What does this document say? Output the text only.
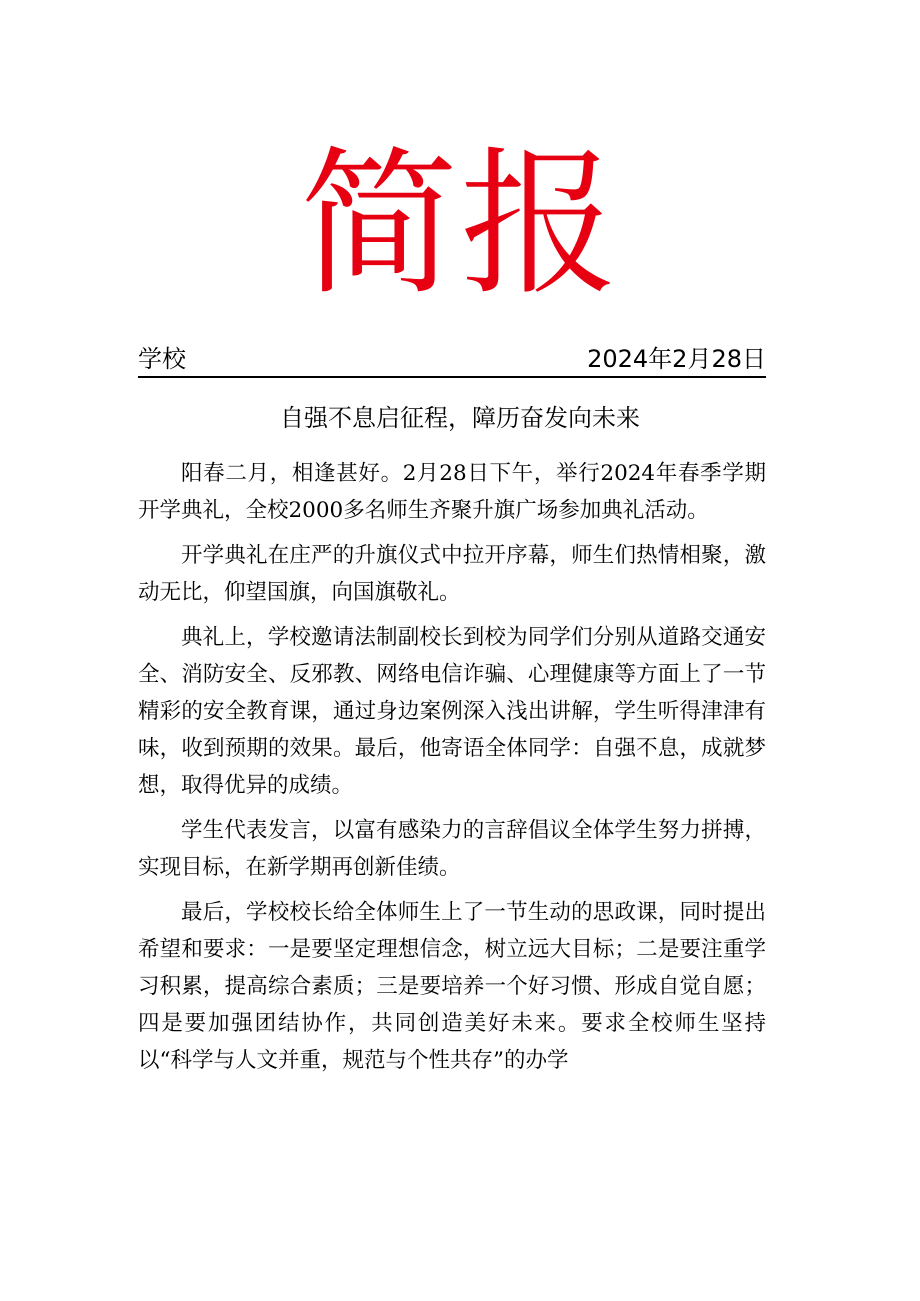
简报
学校	2024年2月28日
自强不息启征程，障历奋发向未来

阳春二月，相逢甚好。2月28日下午，举行2024年春季学期开学典礼，全校2000多名师生齐聚升旗广场参加典礼活动。

开学典礼在庄严的升旗仪式中拉开序幕，师生们热情相聚，激动无比，仰望国旗，向国旗敬礼。

典礼上，学校邀请法制副校长到校为同学们分别从道路交通安全、消防安全、反邪教、网络电信诈骗、心理健康等方面上了一节精彩的安全教育课，通过身边案例深入浅出讲解，学生听得津津有味，收到预期的效果。最后，他寄语全体同学：自强不息，成就梦想，取得优异的成绩。

学生代表发言，以富有感染力的言辞倡议全体学生努力拼搏，实现目标，在新学期再创新佳绩。

最后，学校校长给全体师生上了一节生动的思政课，同时提出希望和要求：一是要坚定理想信念，树立远大目标；二是要注重学习积累，提高综合素质；三是要培养一个好习惯、形成自觉自愿；四是要加强团结协作，共同创造美好未来。要求全校师生坚持以“科学与人文并重，规范与个性共存”的办学
